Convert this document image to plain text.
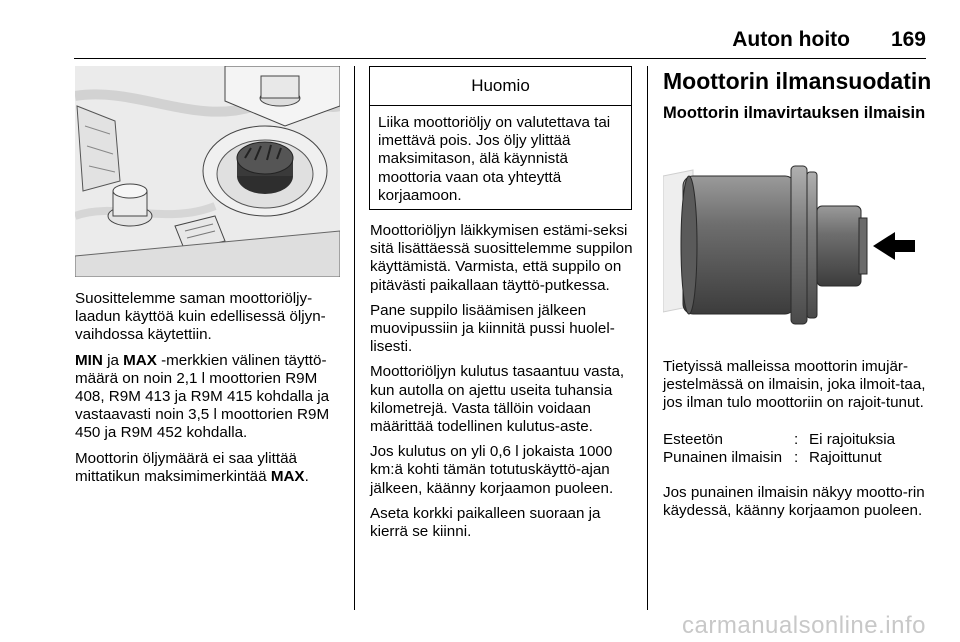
Auton hoito 169

Suosittelemme saman moottoriöljy-laadun käyttöä kuin edellisessä öljyn-vaihdossa käytettiin.

MIN ja MAX -merkkien välinen täyttö-määrä on noin 2,1 l moottorien R9M 408, R9M 413 ja R9M 415 kohdalla ja vastaavasti noin 3,5 l moottorien R9M 450 ja R9M 452 kohdalla.

Moottorin öljymäärä ei saa ylittää mittatikun maksimimerkintää MAX.

Huomio
Liika moottoriöljy on valutettava tai imettävä pois. Jos öljy ylittää maksimitason, älä käynnistä moottoria vaan ota yhteyttä korjaamoon.

Moottoriöljyn läikkymisen estämi-seksi sitä lisättäessä suosittelemme suppilon käyttämistä. Varmista, että suppilo on pitävästi paikallaan täyttö-putkessa.

Pane suppilo lisäämisen jälkeen muovipussiin ja kiinnitä pussi huolel-lisesti.

Moottoriöljyn kulutus tasaantuu vasta, kun autolla on ajettu useita tuhansia kilometrejä. Vasta tällöin voidaan määrittää todellinen kulutus-aste.

Jos kulutus on yli 0,6 l jokaista 1000 km:ä kohti tämän totutuskäyttö-ajan jälkeen, käänny korjaamon puoleen.

Aseta korkki paikalleen suoraan ja kierrä se kiinni.

Moottorin ilmansuodatin
Moottorin ilmavirtauksen ilmaisin

Tietyissä malleissa moottorin imujär-jestelmässä on ilmaisin, joka ilmoit-taa, jos ilman tulo moottoriin on rajoit-tunut.

Esteetön	: Ei rajoituksia
Punainen ilmaisin : Rajoittunut

Jos punainen ilmaisin näkyy mootto-rin käydessä, käänny korjaamon puoleen.

carmanualsonline.info
